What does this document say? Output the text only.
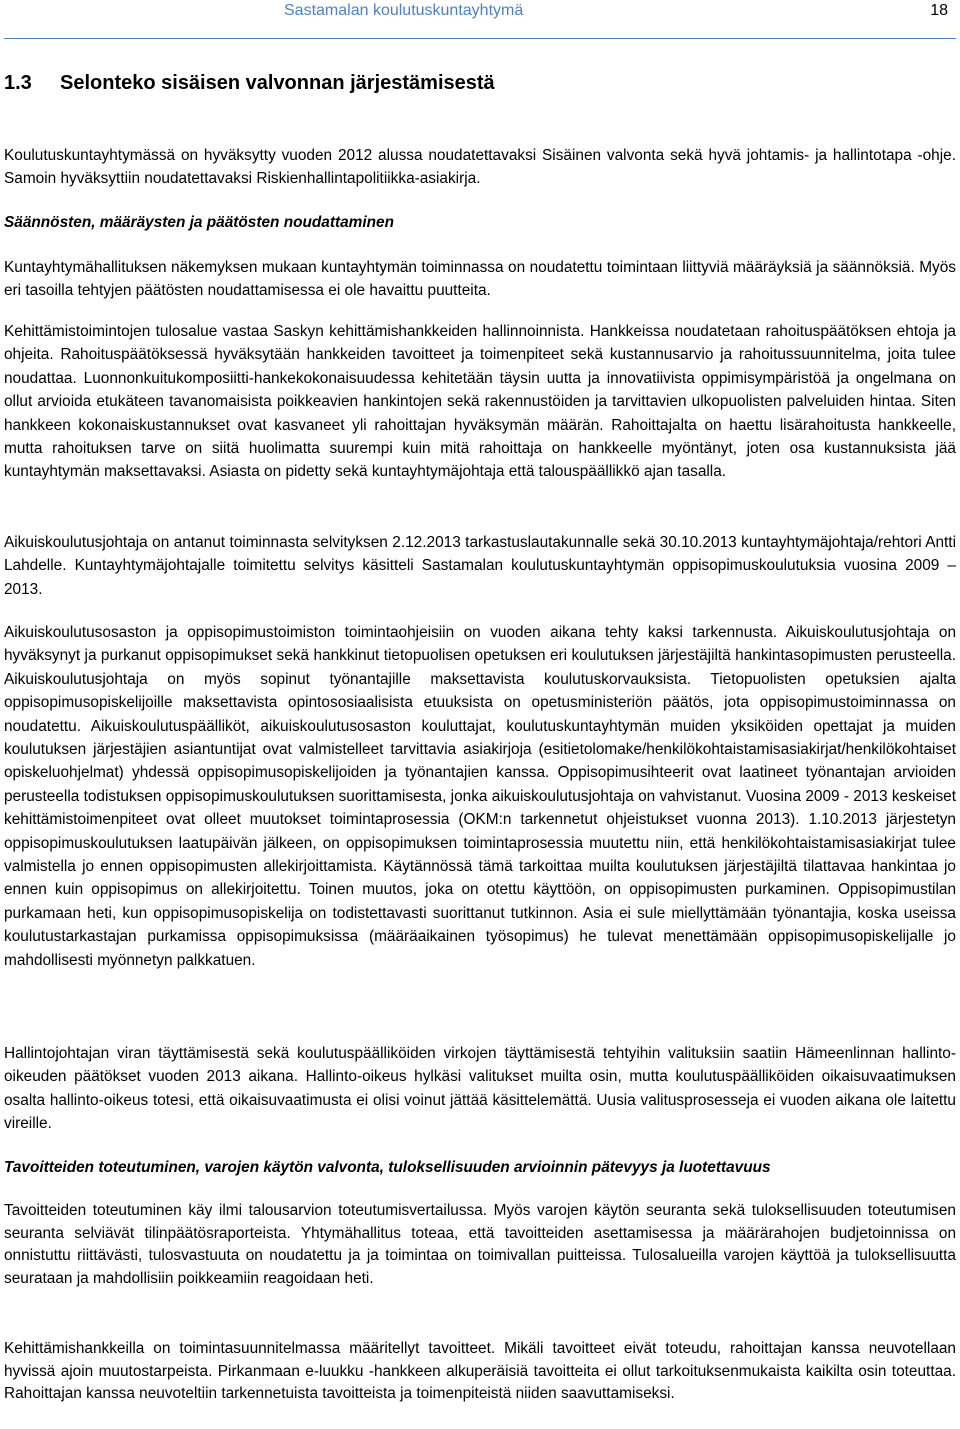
Sastamalan koulutuskuntayhtymä	18
1.3 Selonteko sisäisen valvonnan järjestämisestä

Koulutuskuntayhtymässä on hyväksytty vuoden 2012 alussa noudatettavaksi Sisäinen valvonta sekä hyvä johtamis- ja hallintotapa -ohje. Samoin hyväksyttiin noudatettavaksi Riskienhallintapolitiikka-asiakirja.

Säännösten, määräysten ja päätösten noudattaminen

Kuntayhtymähallituksen näkemyksen mukaan kuntayhtymän toiminnassa on noudatettu toimintaan liittyviä määräyksiä ja säännöksiä. Myös eri tasoilla tehtyjen päätösten noudattamisessa ei ole havaittu puutteita.

Kehittämistoimintojen tulosalue vastaa Saskyn kehittämishankkeiden hallinnoinnista. Hankkeissa noudatetaan rahoituspäätöksen ehtoja ja ohjeita. Rahoituspäätöksessä hyväksytään hankkeiden tavoitteet ja toimenpiteet sekä kustannusarvio ja rahoitussuunnitelma, joita tulee noudattaa. Luonnonkuitukomposiitti-hankekokonaisuudessa kehitetään täysin uutta ja innovatiivista oppimisympäristöä ja ongelmana on ollut arvioida etukäteen tavanomaisista poikkeavien hankintojen sekä rakennustöiden ja tarvittavien ulkopuolisten palveluiden hintaa. Siten hankkeen kokonaiskustannukset ovat kasvaneet yli rahoittajan hyväksymän määrän. Rahoittajalta on haettu lisärahoitusta hankkeelle, mutta rahoituksen tarve on siitä huolimatta suurempi kuin mitä rahoittaja on hankkeelle myöntänyt, joten osa kustannuksista jää kuntayhtymän maksettavaksi. Asiasta on pidetty sekä kuntayhtymäjohtaja että talouspäällikkö ajan tasalla.

Aikuiskoulutusjohtaja on antanut toiminnasta selvityksen 2.12.2013 tarkastuslautakunnalle sekä 30.10.2013 kuntayhtymäjohtaja/rehtori Antti Lahdelle. Kuntayhtymäjohtajalle toimitettu selvitys käsitteli Sastamalan koulutuskuntayhtymän oppisopimuskoulutuksia vuosina 2009 – 2013.

Aikuiskoulutusosaston ja oppisopimustoimiston toimintaohjeisiin on vuoden aikana tehty kaksi tarkennusta. Aikuiskoulutusjohtaja on hyväksynyt ja purkanut oppisopimukset sekä hankkinut tietopuolisen opetuksen eri koulutuksen järjestäjiltä hankintasopimusten perusteella. Aikuiskoulutusjohtaja on myös sopinut työnantajille maksettavista koulutuskorvauksista. Tietopuolisten opetuksien ajalta oppisopimusopiskelijoille maksettavista opintososiaalisista etuuksista on opetusministeriön päätös, jota oppisopimustoiminnassa on noudatettu. Aikuiskoulutuspäälliköt, aikuiskoulutusosaston kouluttajat, koulutuskuntayhtymän muiden yksiköiden opettajat ja muiden koulutuksen järjestäjien asiantuntijat ovat valmistelleet tarvittavia asiakirjoja (esitietolomake/henkilökohtaistamisasiakirjat/henkilökohtaiset opiskeluohjelmat) yhdessä oppisopimusopiskelijoiden ja työnantajien kanssa. Oppisopimusihteerit ovat laatineet työnantajan arvioiden perusteella todistuksen oppisopimuskoulutuksen suorittamisesta, jonka aikuiskoulutusjohtaja on vahvistanut. Vuosina 2009 - 2013 keskeiset kehittämistoimenpiteet ovat olleet muutokset toimintaprosessia (OKM:n tarkennetut ohjeistukset vuonna 2013). 1.10.2013 järjestetyn oppisopimuskoulutuksen laatupäivän jälkeen, on oppisopimuksen toimintaprosessia muutettu niin, että henkilökohtaistamisasiakirjat tulee valmistella jo ennen oppisopimusten allekirjoittamista. Käytännössä tämä tarkoittaa muilta koulutuksen järjestäjiltä tilattavaa hankintaa jo ennen kuin oppisopimus on allekirjoitettu. Toinen muutos, joka on otettu käyttöön, on oppisopimusten purkaminen. Oppisopimustilan purkamaan heti, kun oppisopimusopiskelija on todistettavasti suorittanut tutkinnon. Asia ei sule miellyttämään työnantajia, koska useissa koulutustarkastajan purkamissa oppisopimuksissa (määräaikainen työsopimus) he tulevat menettämään oppisopimusopiskelijalle jo mahdollisesti myönnetyn palkkatuen.

Hallintojohtajan viran täyttämisestä sekä koulutuspäälliköiden virkojen täyttämisestä tehtyihin valituksiin saatiin Hämeenlinnan hallinto-oikeuden päätökset vuoden 2013 aikana. Hallinto-oikeus hylkäsi valitukset muilta osin, mutta koulutuspäälliköiden oikaisuvaatimuksen osalta hallinto-oikeus totesi, että oikaisuvaatimusta ei olisi voinut jättää käsittelemättä. Uusia valitusprosesseja ei vuoden aikana ole laitettu vireille.

Tavoitteiden toteutuminen, varojen käytön valvonta, tuloksellisuuden arvioinnin pätevyys ja luotettavuus

Tavoitteiden toteutuminen käy ilmi talousarvion toteutumisvertailussa. Myös varojen käytön seuranta sekä tuloksellisuuden toteutumisen seuranta selviävät tilinpäätösraporteista. Yhtymähallitus toteaa, että tavoitteiden asettamisessa ja määrärahojen budjetoinnissa on onnistuttu riittävästi, tulosvastuuta on noudatettu ja ja toimintaa on toimivallan puitteissa. Tulosalueilla varojen käyttöä ja tuloksellisuutta seurataan ja mahdollisiin poikkeamiin reagoidaan heti.

Kehittämishankkeilla on toimintasuunnitelmassa määritellyt tavoitteet. Mikäli tavoitteet eivät toteudu, rahoittajan kanssa neuvotellaan hyvissä ajoin muutostarpeista. Pirkanmaan e-luukku -hankkeen alkuperäisiä tavoitteita ei ollut tarkoituksenmukaista kaikilta osin toteuttaa. Rahoittajan kanssa neuvoteltiin tarkennetuista tavoitteista ja toimenpiteistä niiden saavuttamiseksi.
